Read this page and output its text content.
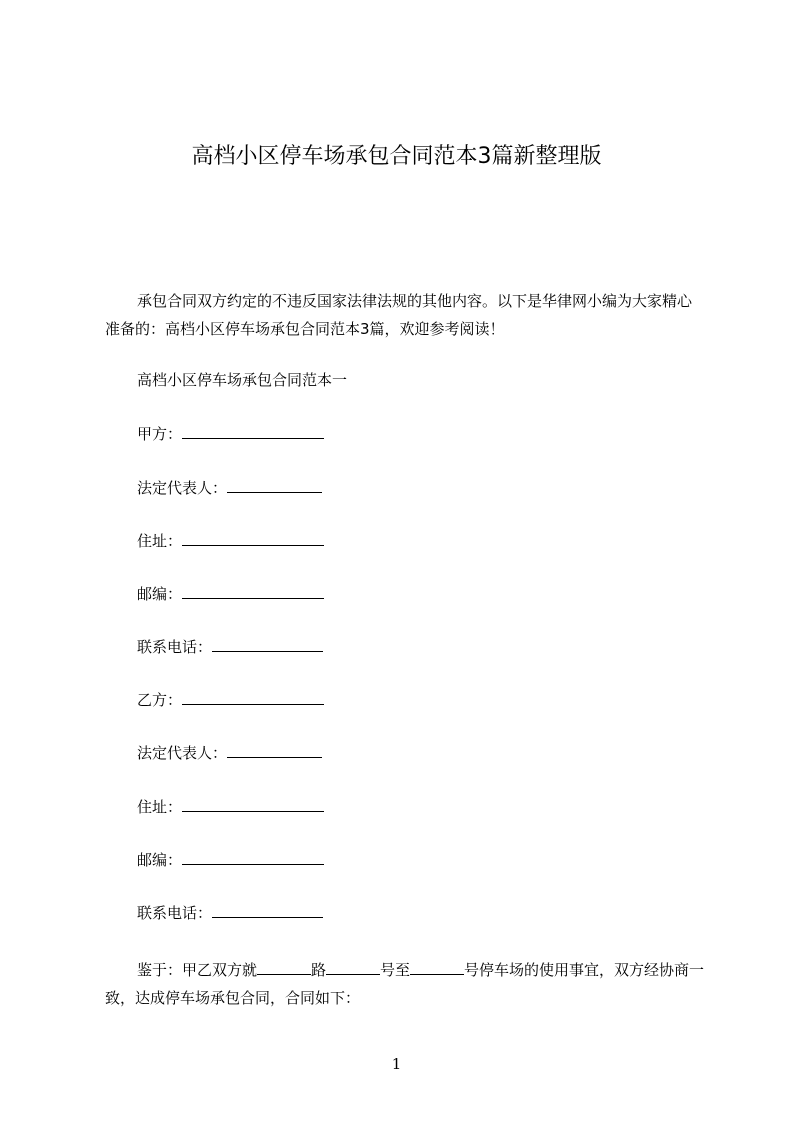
高档小区停车场承包合同范本3篇新整理版
承包合同双方约定的不违反国家法律法规的其他内容。以下是华律网小编为大家精心准备的：高档小区停车场承包合同范本3篇，欢迎参考阅读！
高档小区停车场承包合同范本一
甲方：
法定代表人：
住址：
邮编：
联系电话：
乙方：
法定代表人：
住址：
邮编：
联系电话：
鉴于：甲乙双方就	路	号至	号停车场的使用事宜，双方经协商一致，达成停车场承包合同，合同如下：
1
